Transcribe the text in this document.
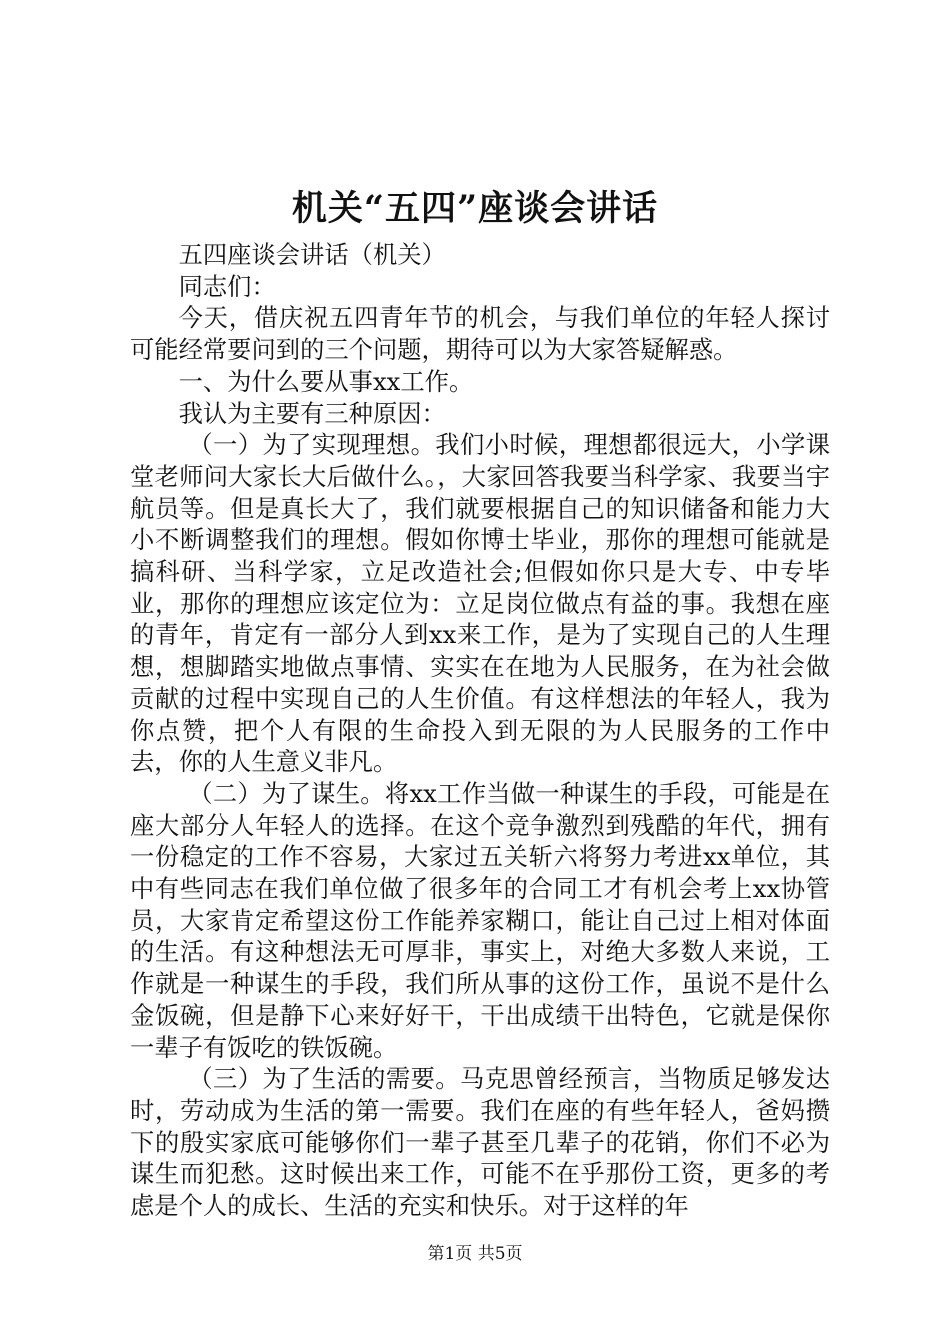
机关“五四”座谈会讲话

五四座谈会讲话（机关）

同志们：

今天，借庆祝五四青年节的机会，与我们单位的年轻人探讨可能经常要问到的三个问题，期待可以为大家答疑解惑。

一、为什么要从事xx工作。

我认为主要有三种原因：

（一）为了实现理想。我们小时候，理想都很远大，小学课堂老师问大家长大后做什么。，大家回答我要当科学家、我要当宇航员等。但是真长大了，我们就要根据自己的知识储备和能力大小不断调整我们的理想。假如你博士毕业，那你的理想可能就是搞科研、当科学家，立足改造社会;但假如你只是大专、中专毕业，那你的理想应该定位为：立足岗位做点有益的事。我想在座的青年，肯定有一部分人到xx来工作，是为了实现自己的人生理想，想脚踏实地做点事情、实实在在地为人民服务，在为社会做贡献的过程中实现自己的人生价值。有这样想法的年轻人，我为你点赞，把个人有限的生命投入到无限的为人民服务的工作中去，你的人生意义非凡。

（二）为了谋生。将xx工作当做一种谋生的手段，可能是在座大部分人年轻人的选择。在这个竞争激烈到残酷的年代，拥有一份稳定的工作不容易，大家过五关斩六将努力考进xx单位，其中有些同志在我们单位做了很多年的合同工才有机会考上xx协管员，大家肯定希望这份工作能养家糊口，能让自己过上相对体面的生活。有这种想法无可厚非，事实上，对绝大多数人来说，工作就是一种谋生的手段，我们所从事的这份工作，虽说不是什么金饭碗，但是静下心来好好干，干出成绩干出特色，它就是保你一辈子有饭吃的铁饭碗。

（三）为了生活的需要。马克思曾经预言，当物质足够发达时，劳动成为生活的第一需要。我们在座的有些年轻人，爸妈攒下的殷实家底可能够你们一辈子甚至几辈子的花销，你们不必为谋生而犯愁。这时候出来工作，可能不在乎那份工资，更多的考虑是个人的成长、生活的充实和快乐。对于这样的年

第1页 共5页
